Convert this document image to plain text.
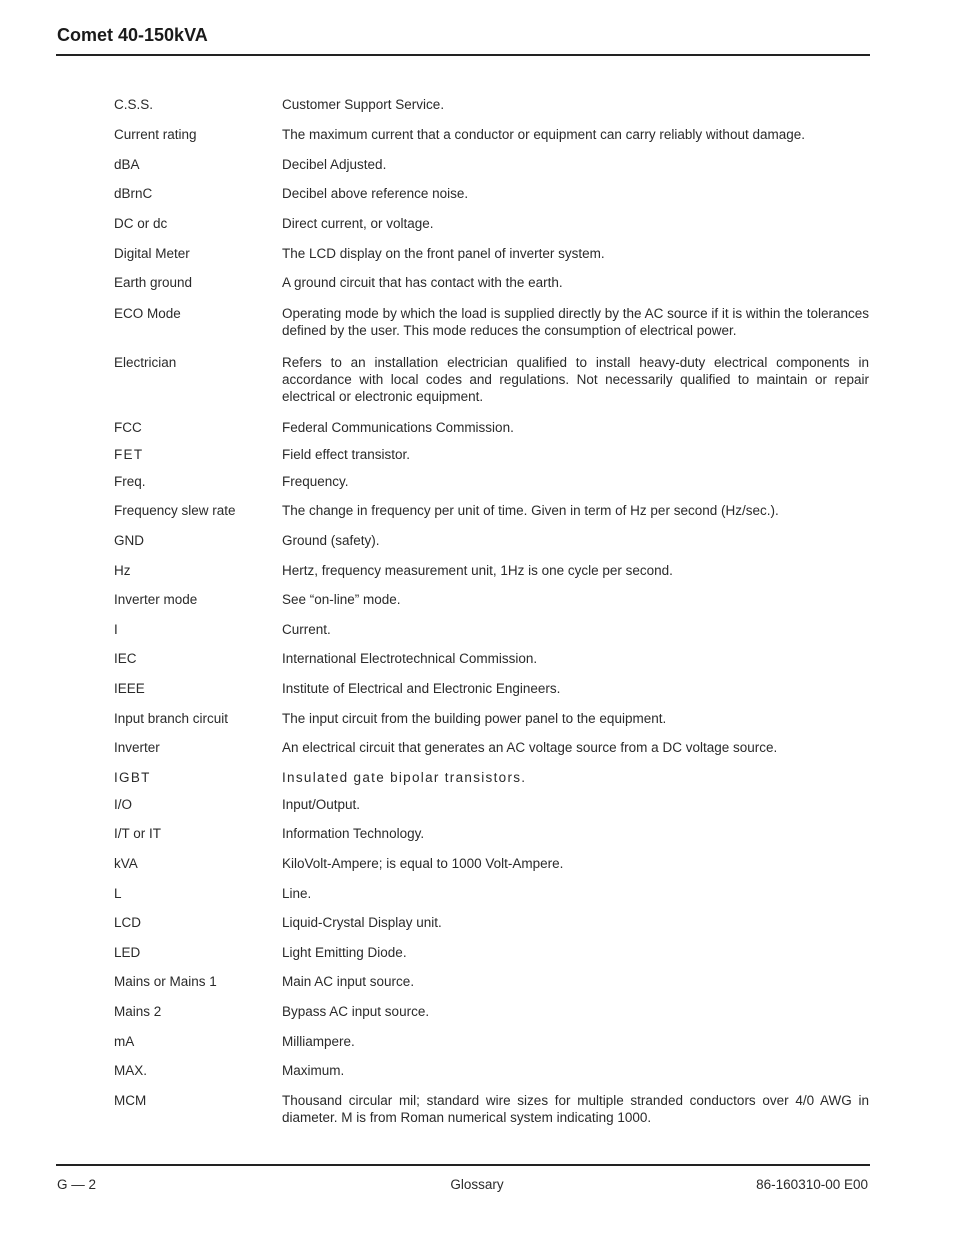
Comet 40-150kVA
C.S.S.	Customer Support Service.
Current rating	The maximum current that a conductor or equipment can carry reliably without damage.
dBA	Decibel Adjusted.
dBrnC	Decibel above reference noise.
DC or dc	Direct current, or voltage.
Digital Meter	The LCD display on the front panel of inverter system.
Earth ground	A ground circuit that has contact with the earth.
ECO Mode	Operating mode by which the load is supplied directly by the AC source if it is within the tolerances defined by the user. This mode reduces the consumption of electrical power.
Electrician	Refers to an installation electrician qualified to install heavy-duty electrical components in accordance with local codes and regulations. Not necessarily qualified to maintain or repair electrical or electronic equipment.
FCC	Federal Communications Commission.
FET	Field effect transistor.
Freq.	Frequency.
Frequency slew rate	The change in frequency per unit of time. Given in term of Hz per second (Hz/sec.).
GND	Ground (safety).
Hz	Hertz, frequency measurement unit, 1Hz is one cycle per second.
Inverter mode	See “on-line” mode.
I	Current.
IEC	International Electrotechnical Commission.
IEEE	Institute of Electrical and Electronic Engineers.
Input branch circuit	The input circuit from the building power panel to the equipment.
Inverter	An electrical circuit that generates an AC voltage source from a DC voltage source.
IGBT	Insulated gate bipolar transistors.
I/O	Input/Output.
I/T or IT	Information Technology.
kVA	KiloVolt-Ampere; is equal to 1000 Volt-Ampere.
L	Line.
LCD	Liquid-Crystal Display unit.
LED	Light Emitting Diode.
Mains or Mains 1	Main AC input source.
Mains 2	Bypass AC input source.
mA	Milliampere.
MAX.	Maximum.
MCM	Thousand circular mil; standard wire sizes for multiple stranded conductors over 4/0 AWG in diameter. M is from Roman numerical system indicating 1000.
G — 2	Glossary	86-160310-00 E00
